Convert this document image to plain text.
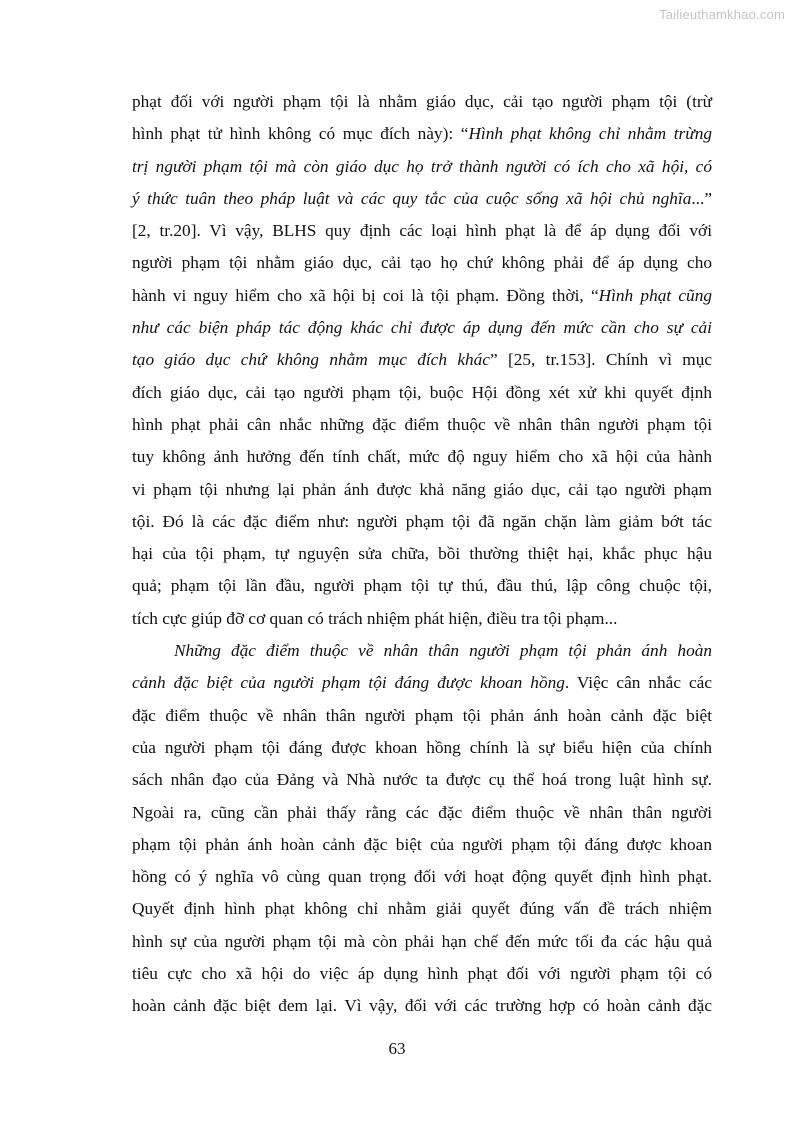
Tailieuthamkhao.com
phạt đối với người phạm tội là nhằm giáo dục, cải tạo người phạm tội (trừ
hình phạt tử hình không có mục đích này): “Hình phạt không chỉ nhằm trừng
trị người phạm tội mà còn giáo dục họ trở thành người có ích cho xã hội, có
ý thức tuân theo pháp luật và các quy tắc của cuộc sống xã hội chủ nghĩa...”
[2, tr.20]. Vì vậy, BLHS quy định các loại hình phạt là để áp dụng đối với
người phạm tội nhằm giáo dục, cải tạo họ chứ không phải để áp dụng cho
hành vi nguy hiểm cho xã hội bị coi là tội phạm. Đồng thời, “Hình phạt cũng
như các biện pháp tác động khác chỉ được áp dụng đến mức cần cho sự cải
tạo giáo dục chứ không nhằm mục đích khác” [25, tr.153]. Chính vì mục
đích giáo dục, cải tạo người phạm tội, buộc Hội đồng xét xử khi quyết định
hình phạt phải cân nhắc những đặc điểm thuộc về nhân thân người phạm tội
tuy không ảnh hưởng đến tính chất, mức độ nguy hiểm cho xã hội của hành
vi phạm tội nhưng lại phản ánh được khả năng giáo dục, cải tạo người phạm
tội. Đó là các đặc điểm như: người phạm tội đã ngăn chặn làm giảm bớt tác
hại của tội phạm, tự nguyện sửa chữa, bồi thường thiệt hại, khắc phục hậu
quả; phạm tội lần đầu, người phạm tội tự thú, đầu thú, lập công chuộc tội,
tích cực giúp đỡ cơ quan có trách nhiệm phát hiện, điều tra tội phạm...
Những đặc điểm thuộc về nhân thân người phạm tội phản ánh hoàn
cảnh đặc biệt của người phạm tội đáng được khoan hồng. Việc cân nhắc các
đặc điểm thuộc về nhân thân người phạm tội phản ánh hoàn cảnh đặc biệt
của người phạm tội đáng được khoan hồng chính là sự biểu hiện của chính
sách nhân đạo của Đảng và Nhà nước ta được cụ thể hoá trong luật hình sự.
Ngoài ra, cũng cần phải thấy rằng các đặc điểm thuộc về nhân thân người
phạm tội phản ánh hoàn cảnh đặc biệt của người phạm tội đáng được khoan
hồng có ý nghĩa vô cùng quan trọng đối với hoạt động quyết định hình phạt.
Quyết định hình phạt không chỉ nhằm giải quyết đúng vấn đề trách nhiệm
hình sự của người phạm tội mà còn phải hạn chế đến mức tối đa các hậu quả
tiêu cực cho xã hội do việc áp dụng hình phạt đối với người phạm tội có
hoàn cảnh đặc biệt đem lại. Vì vậy, đối với các trường hợp có hoàn cảnh đặc
63
